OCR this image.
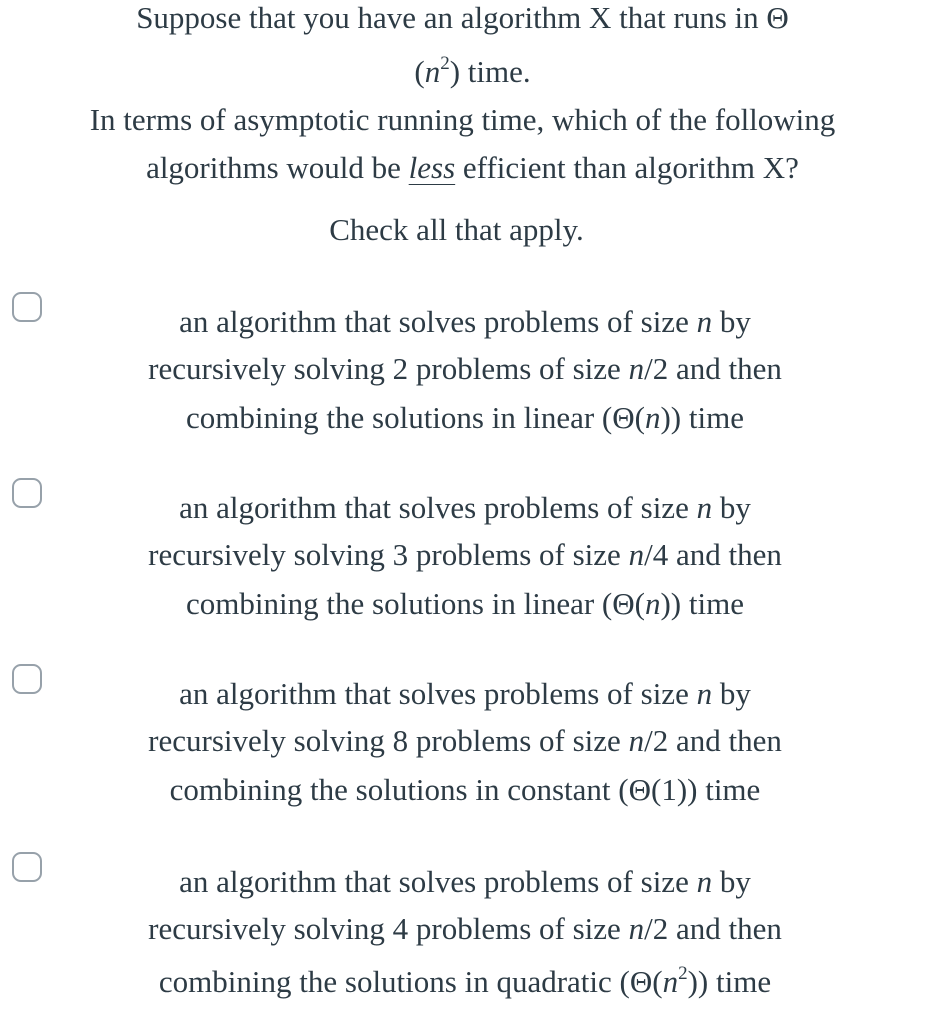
Suppose that you have an algorithm X that runs in Θ
$(n^2)$ time.
In terms of asymptotic running time, which of the following
algorithms would be less efficient than algorithm X?
Check all that apply.
an algorithm that solves problems of size n by
recursively solving 2 problems of size n/2 and then
combining the solutions in linear (Θ(n)) time
an algorithm that solves problems of size n by
recursively solving 3 problems of size n/4 and then
combining the solutions in linear (Θ(n)) time
an algorithm that solves problems of size n by
recursively solving 8 problems of size n/2 and then
combining the solutions in constant (Θ(1)) time
an algorithm that solves problems of size n by
recursively solving 4 problems of size n/2 and then
combining the solutions in quadratic $(\Theta(n^2))$ time
